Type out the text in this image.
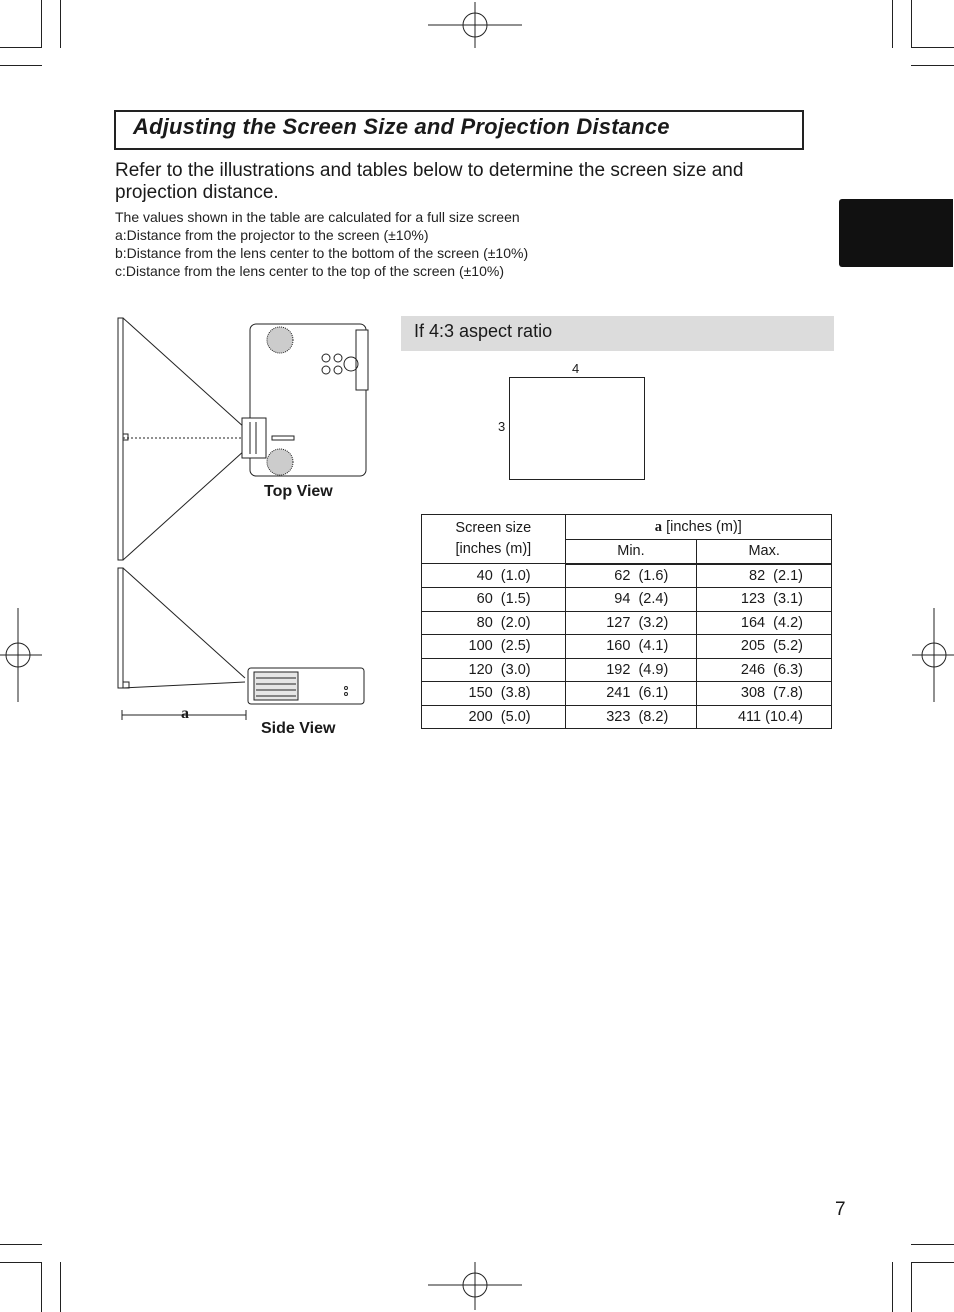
Adjusting the Screen Size and Projection Distance
Refer to the illustrations and tables below to determine the screen size and projection distance.
The values shown in the table are calculated for a full size screen
a:Distance from the projector to the screen (±10%)
b:Distance from the lens center to the bottom of the screen (±10%)
c:Distance from the lens center to the top of the screen (±10%)
a
Top View
Side View
If 4:3 aspect ratio
4
3
Screen size [inches (m)]	a [inches (m)]	
	Min.	Max.
40  (1.0)	62  (1.6)	82  (2.1)
60  (1.5)	94  (2.4)	123  (3.1)
80  (2.0)	127  (3.2)	164  (4.2)
100  (2.5)	160  (4.1)	205  (5.2)
120  (3.0)	192  (4.9)	246  (6.3)
150  (3.8)	241  (6.1)	308  (7.8)
200  (5.0)	323  (8.2)	411 (10.4)
7
